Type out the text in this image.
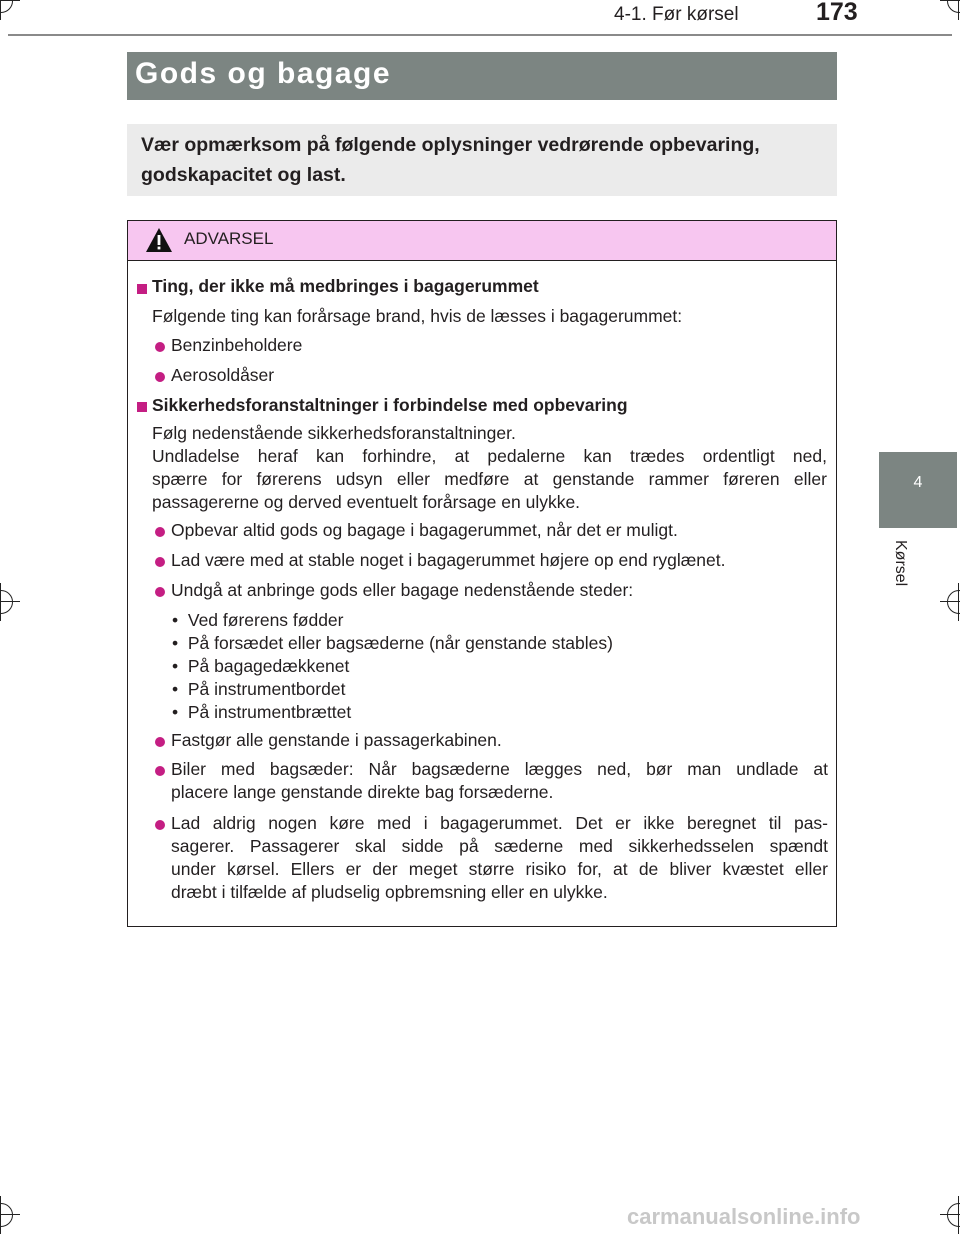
4-1. Før kørsel	173
4
Kørsel
Gods og bagage
Vær opmærksom på følgende oplysninger vedrørende opbevaring,
godskapacitet og last.
ADVARSEL
Ting, der ikke må medbringes i bagagerummet
Følgende ting kan forårsage brand, hvis de læsses i bagagerummet:
Benzinbeholdere
Aerosoldåser
Sikkerhedsforanstaltninger i forbindelse med opbevaring
Følg nedenstående sikkerhedsforanstaltninger.
Undladelse heraf kan forhindre, at pedalerne kan trædes ordentligt ned,
spærre for førerens udsyn eller medføre at genstande rammer føreren eller
passagererne og derved eventuelt forårsage en ulykke.
Opbevar altid gods og bagage i bagagerummet, når det er muligt.
Lad være med at stable noget i bagagerummet højere op end ryglænet.
Undgå at anbringe gods eller bagage nedenstående steder:
•  Ved førerens fødder
•  På forsædet eller bagsæderne (når genstande stables)
•  På bagagedækkenet
•  På instrumentbordet
•  På instrumentbrættet
Fastgør alle genstande i passagerkabinen.
Biler med bagsæder: Når bagsæderne lægges ned, bør man undlade at
placere lange genstande direkte bag forsæderne.
Lad aldrig nogen køre med i bagagerummet. Det er ikke beregnet til pas-
sagerer. Passagerer skal sidde på sæderne med sikkerhedsselen spændt
under kørsel. Ellers er der meget større risiko for, at de bliver kvæstet eller
dræbt i tilfælde af pludselig opbremsning eller en ulykke.
carmanualsonline.info
